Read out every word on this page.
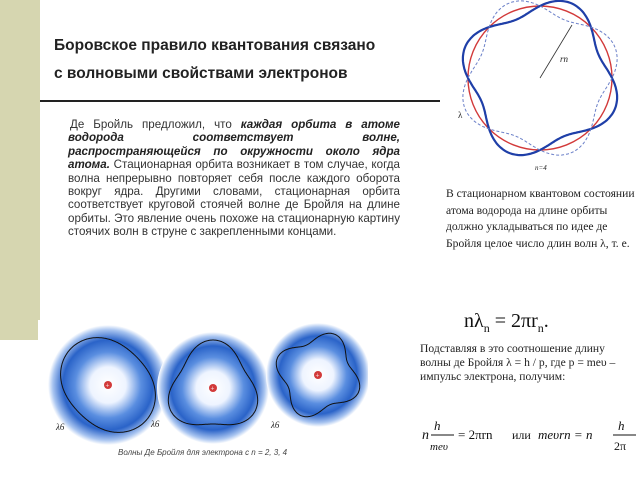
Боровское правило квантования связано
с волновыми свойствами электронов
Де Бройль предложил, что каждая орбита в атоме водорода соответствует волне, распространяющейся по окружности около ядра атома. Стационарная орбита возникает в том случае, когда волна непрерывно повторяет себя после каждого оборота вокруг ядра. Другими словами, стационарная орбита соответствует круговой стоячей волне де Бройля на длине орбиты. Это явление очень похоже на стационарную картину стоячих волн в струне с закрепленными концами.
rn
λ
n=4
В стационарном квантовом состоянии атома водорода на длине орбиты должно укладываться по идее де Бройля целое число длин волн λ, т. е.
$n\lambda_n = 2\pi r_n$.
Подставляя в это соотношение длину волны де Бройля λ = h / p, где p = meυ – импульс электрона, получим:
n
h
meυ
= 2πrn или meυrn = n
h
2π
+	+
+
λ6	λ6	λ6
Волны Де Бройля для электрона с n = 2, 3, 4
